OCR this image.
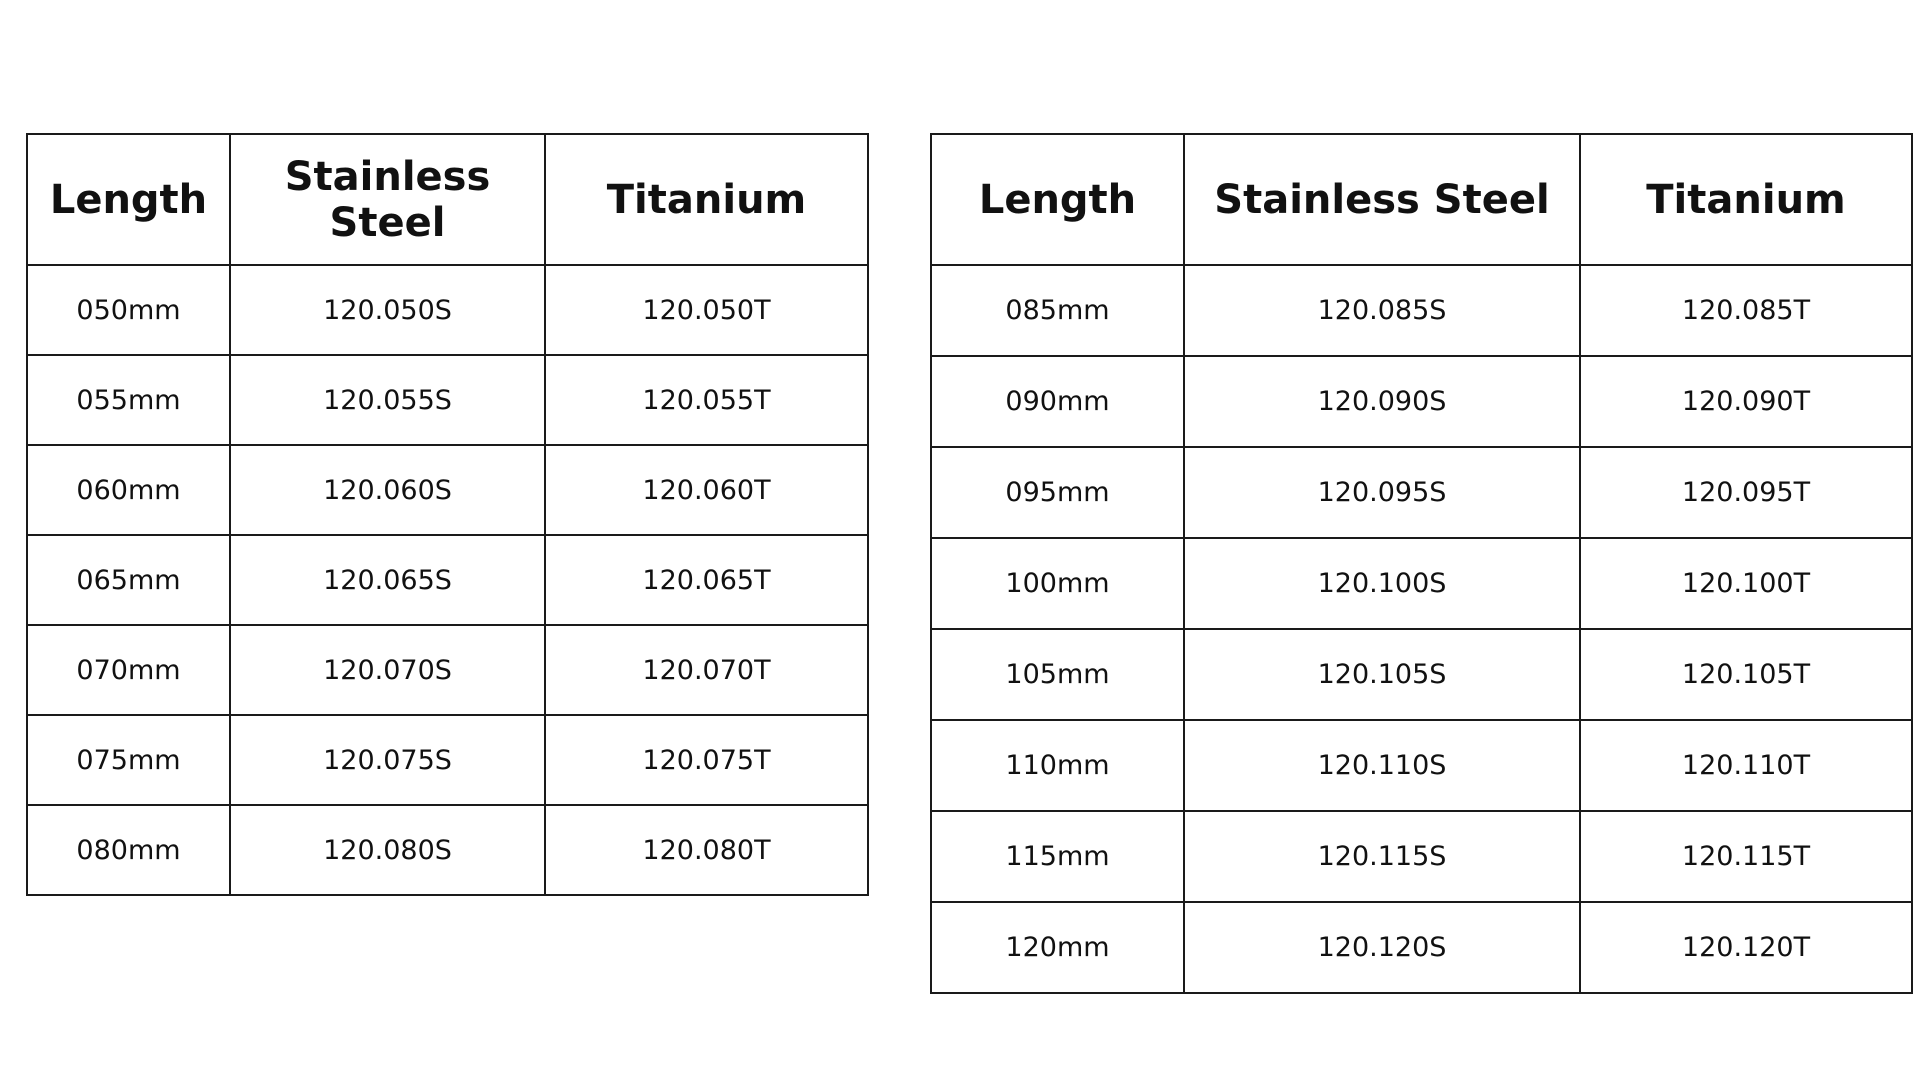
Length	Stainless Steel	Titanium
050mm	120.050S	120.050T
055mm	120.055S	120.055T
060mm	120.060S	120.060T
065mm	120.065S	120.065T
070mm	120.070S	120.070T
075mm	120.075S	120.075T
080mm	120.080S	120.080T
Length	Stainless Steel	Titanium
085mm	120.085S	120.085T
090mm	120.090S	120.090T
095mm	120.095S	120.095T
100mm	120.100S	120.100T
105mm	120.105S	120.105T
110mm	120.110S	120.110T
115mm	120.115S	120.115T
120mm	120.120S	120.120T
